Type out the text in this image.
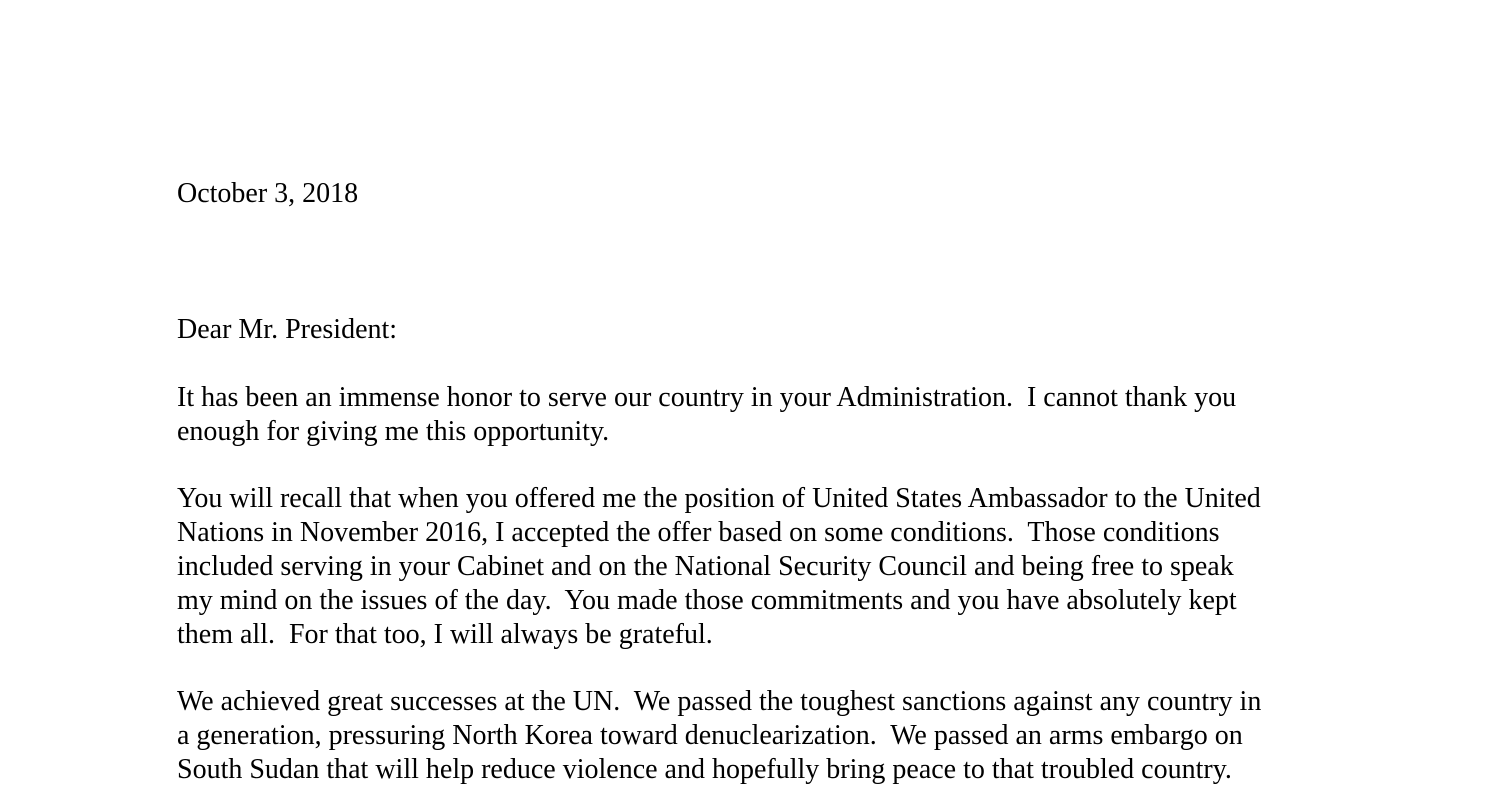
October 3, 2018

Dear Mr. President:

It has been an immense honor to serve our country in your Administration.  I cannot thank you

enough for giving me this opportunity.

You will recall that when you offered me the position of United States Ambassador to the United

Nations in November 2016, I accepted the offer based on some conditions.  Those conditions

included serving in your Cabinet and on the National Security Council and being free to speak

my mind on the issues of the day.  You made those commitments and you have absolutely kept

them all.  For that too, I will always be grateful.

We achieved great successes at the UN.  We passed the toughest sanctions against any country in

a generation, pressuring North Korea toward denuclearization.  We passed an arms embargo on

South Sudan that will help reduce violence and hopefully bring peace to that troubled country.
